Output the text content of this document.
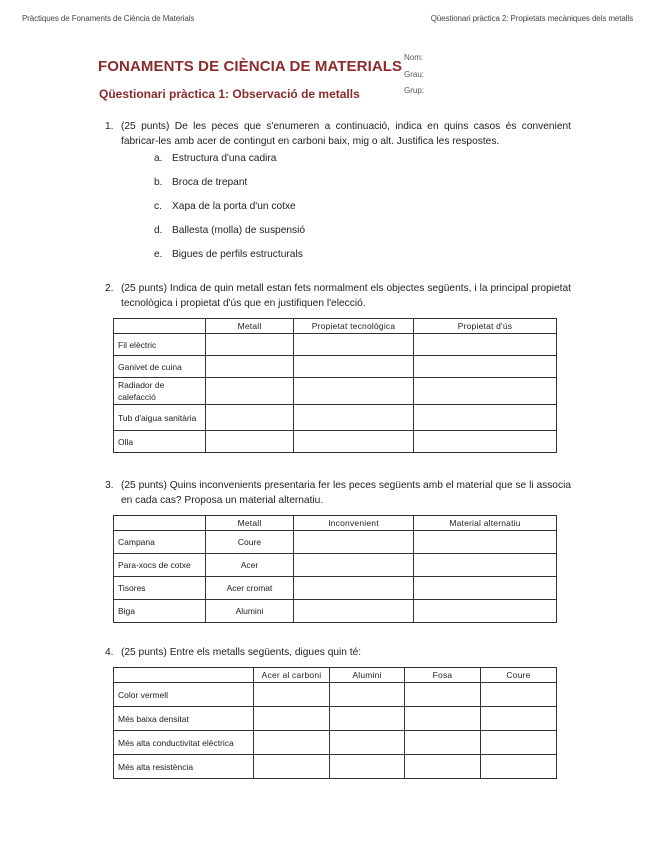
Pràctiques de Fonaments de Ciència de Materials	Qüestionari pràctica 2: Propietats mecàniques dels metalls
FONAMENTS DE CIÈNCIA DE MATERIALS
Qüestionari pràctica 1: Observació de metalls
Nom:
Grau:
Grup:
1. (25 punts) De les peces que s'enumeren a continuació, indica en quins casos és convenient fabricar-les amb acer de contingut en carboni baix, mig o alt. Justifica les respostes.
a. Estructura d'una cadira
b. Broca de trepant
c. Xapa de la porta d'un cotxe
d. Ballesta (molla) de suspensió
e. Bigues de perfils estructurals
2. (25 punts) Indica de quin metall estan fets normalment els objectes següents, i la principal propietat tecnològica i propietat d'ús que en justifiquen l'elecció.
	Metall	Propietat tecnològica	Propietat d'ús
Fil elèctric			
Ganivet de cuina			
Radiador de calefacció			
Tub d'aigua sanitària			
Olla			
3. (25 punts) Quins inconvenients presentaria fer les peces següents amb el material que se li associa en cada cas? Proposa un material alternatiu.
	Metall	Inconvenient	Material alternatiu
Campana	Coure		
Para-xocs de cotxe	Acer		
Tisores	Acer cromat		
Biga	Alumini		
4. (25 punts) Entre els metalls següents, digues quin té:
	Acer al carboni	Alumini	Fosa	Coure
Color vermell				
Més baixa densitat				
Més alta conductivitat elèctrica				
Més alta resistència				
